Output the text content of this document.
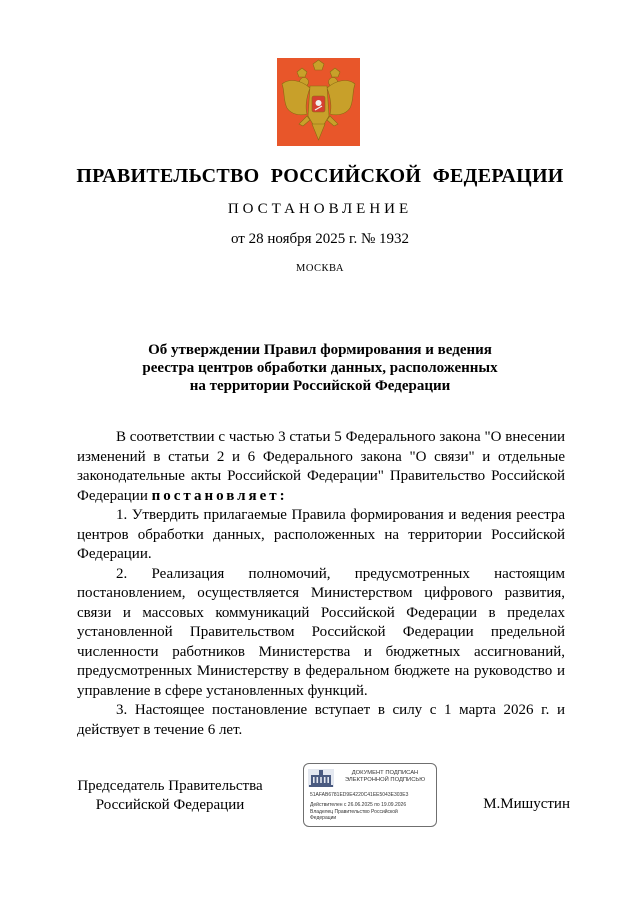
ПРАВИТЕЛЬСТВО РОССИЙСКОЙ ФЕДЕРАЦИИ
ПОСТАНОВЛЕНИЕ
от 28 ноября 2025 г. № 1932
МОСКВА
Об утверждении Правил формирования и ведения
реестра центров обработки данных, расположенных
на территории Российской Федерации

В соответствии с частью 3 статьи 5 Федерального закона "О внесении изменений в статьи 2 и 6 Федерального закона "О связи" и отдельные законодательные акты Российской Федерации" Правительство Российской Федерации постановляет:

1. Утвердить прилагаемые Правила формирования и ведения реестра центров обработки данных, расположенных на территории Российской Федерации.

2. Реализация полномочий, предусмотренных настоящим постановлением, осуществляется Министерством цифрового развития, связи и массовых коммуникаций Российской Федерации в пределах установленной Правительством Российской Федерации предельной численности работников Министерства и бюджетных ассигнований, предусмотренных Министерству в федеральном бюджете на руководство и управление в сфере установленных функций.

3. Настоящее постановление вступает в силу с 1 марта 2026 г. и действует в течение 6 лет.

Председатель Правительства
Российской Федерации
ДОКУМЕНТ ПОДПИСАН
ЭЛЕКТРОННОЙ ПОДПИСЬЮ
51AFAB6781ED9E4220C41EE5043E303E3
Действителен с 26.06.2025 по 19.09.2026
Владелец Правительство Российской
Федерации
М.Мишустин
